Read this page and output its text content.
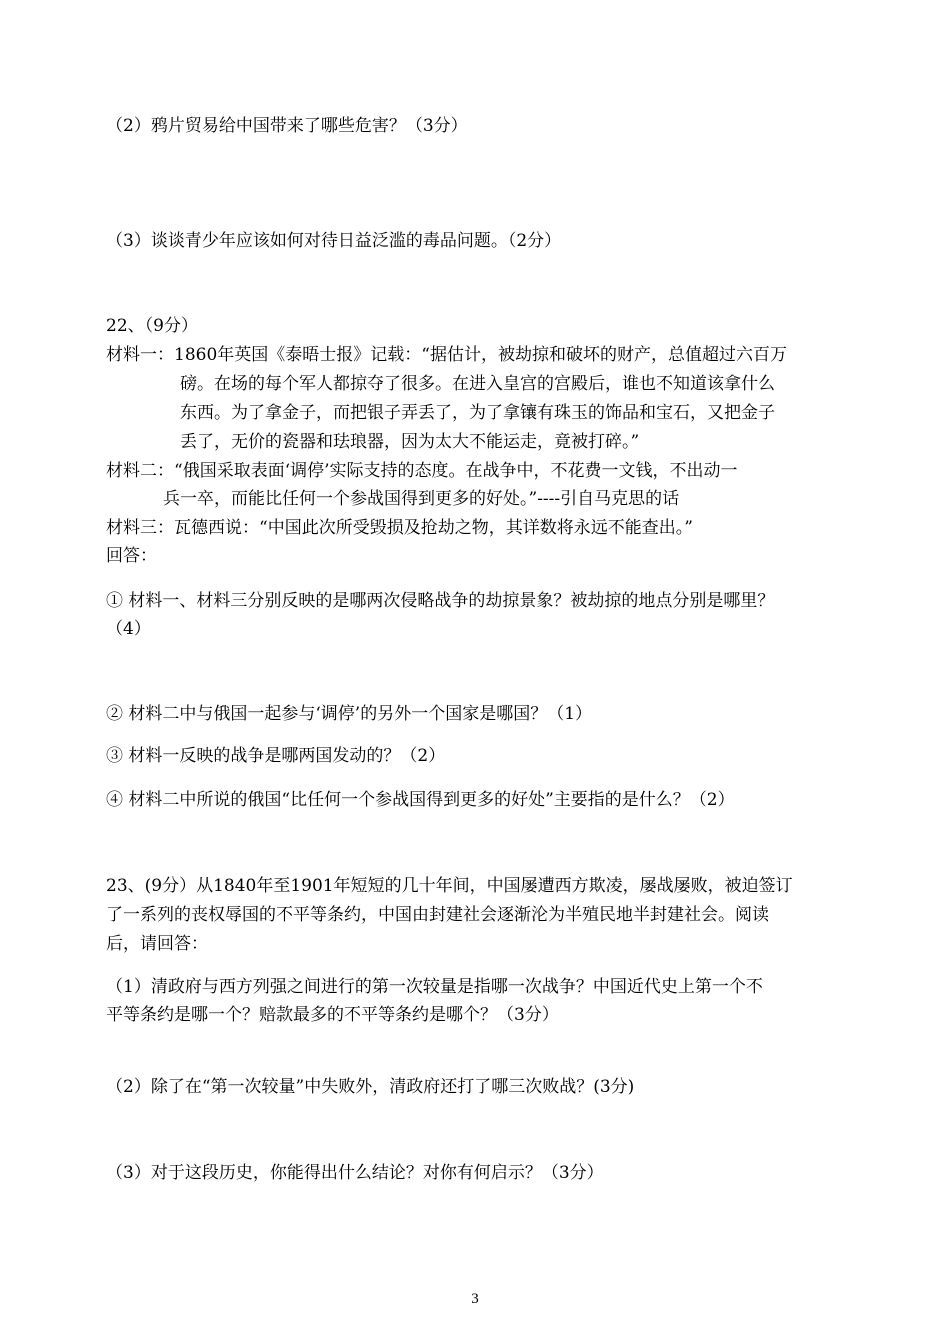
（2）鸦片贸易给中国带来了哪些危害？（3分）
（3）谈谈青少年应该如何对待日益泛滥的毒品问题。（2分）
22、（9分）
材料一：1860年英国《泰晤士报》记载：“据估计，被劫掠和破坏的财产，总值超过六百万
磅。在场的每个军人都掠夺了很多。在进入皇宫的宫殿后，谁也不知道该拿什么
东西。为了拿金子，而把银子弄丢了，为了拿镶有珠玉的饰品和宝石，又把金子
丢了，无价的瓷器和珐琅器，因为太大不能运走，竟被打碎。”
材料二：“俄国采取表面‘调停’实际支持的态度。在战争中，不花费一文钱，不出动一
兵一卒，而能比任何一个参战国得到更多的好处。”----引自马克思的话
材料三：瓦德西说：“中国此次所受毁损及抢劫之物，其详数将永远不能查出。”
回答：
① 材料一、材料三分别反映的是哪两次侵略战争的劫掠景象？被劫掠的地点分别是哪里？
（4）
② 材料二中与俄国一起参与‘调停’的另外一个国家是哪国？（1）
③ 材料一反映的战争是哪两国发动的？（2）
④ 材料二中所说的俄国“比任何一个参战国得到更多的好处”主要指的是什么？（2）
23、(9分）从1840年至1901年短短的几十年间，中国屡遭西方欺凌，屡战屡败，被迫签订
了一系列的丧权辱国的不平等条约，中国由封建社会逐渐沦为半殖民地半封建社会。阅读
后，请回答：
（1）清政府与西方列强之间进行的第一次较量是指哪一次战争？中国近代史上第一个不
平等条约是哪一个？赔款最多的不平等条约是哪个？（3分）
（2）除了在“第一次较量”中失败外，清政府还打了哪三次败战？(3分)
（3）对于这段历史，你能得出什么结论？对你有何启示？（3分）
3
